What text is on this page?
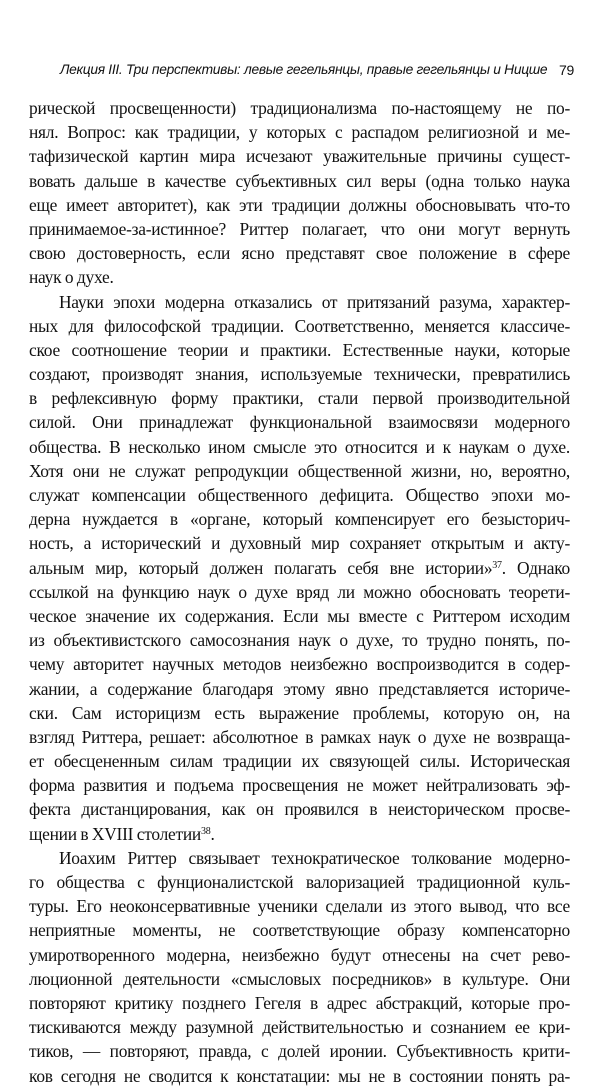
Лекция III. Три перспективы: левые гегельянцы, правые гегельянцы и Ницше 79
рической просвещенности) традиционализма по-настоящему не по-
нял. Вопрос: как традиции, у которых с распадом религиозной и ме-
тафизической картин мира исчезают уважительные причины сущест-
вовать дальше в качестве субъективных сил веры (одна только наука
еще имеет авторитет), как эти традиции должны обосновывать что-то
принимаемое-за-истинное? Риттер полагает, что они могут вернуть
свою достоверность, если ясно представят свое положение в сфере
наук о духе.
Науки эпохи модерна отказались от притязаний разума, характер-
ных для философской традиции. Соответственно, меняется классиче-
ское соотношение теории и практики. Естественные науки, которые
создают, производят знания, используемые технически, превратились
в рефлексивную форму практики, стали первой производительной
силой. Они принадлежат функциональной взаимосвязи модерного
общества. В несколько ином смысле это относится и к наукам о духе.
Хотя они не служат репродукции общественной жизни, но, вероятно,
служат компенсации общественного дефицита. Общество эпохи мо-
дерна нуждается в «органе, который компенсирует его безысторич-
ность, а исторический и духовный мир сохраняет открытым и акту-
альным мир, который должен полагать себя вне истории»$^{37}$. Однако
ссылкой на функцию наук о духе вряд ли можно обосновать теорети-
ческое значение их содержания. Если мы вместе с Риттером исходим
из объективистского самосознания наук о духе, то трудно понять, по-
чему авторитет научных методов неизбежно воспроизводится в содер-
жании, а содержание благодаря этому явно представляется историче-
ски. Сам историцизм есть выражение проблемы, которую он, на
взгляд Риттера, решает: абсолютное в рамках наук о духе не возвраща-
ет обесцененным силам традиции их связующей силы. Историческая
форма развития и подъема просвещения не может нейтрализовать эф-
фекта дистанцирования, как он проявился в неисторическом просве-
щении в XVIII столетии$^{38}$.
Иоахим Риттер связывает технократическое толкование модерно-
го общества с фунционалистской валоризацией традиционной куль-
туры. Его неоконсервативные ученики сделали из этого вывод, что все
неприятные моменты, не соответствующие образу компенсаторно
умиротворенного модерна, неизбежно будут отнесены на счет рево-
люционной деятельности «смысловых посредников» в культуре. Они
повторяют критику позднего Гегеля в адрес абстракций, которые про-
тискиваются между разумной действительностью и сознанием ее кри-
тиков, — повторяют, правда, с долей иронии. Субъективность крити-
ков сегодня не сводится к констатации: мы не в состоянии понять ра-
